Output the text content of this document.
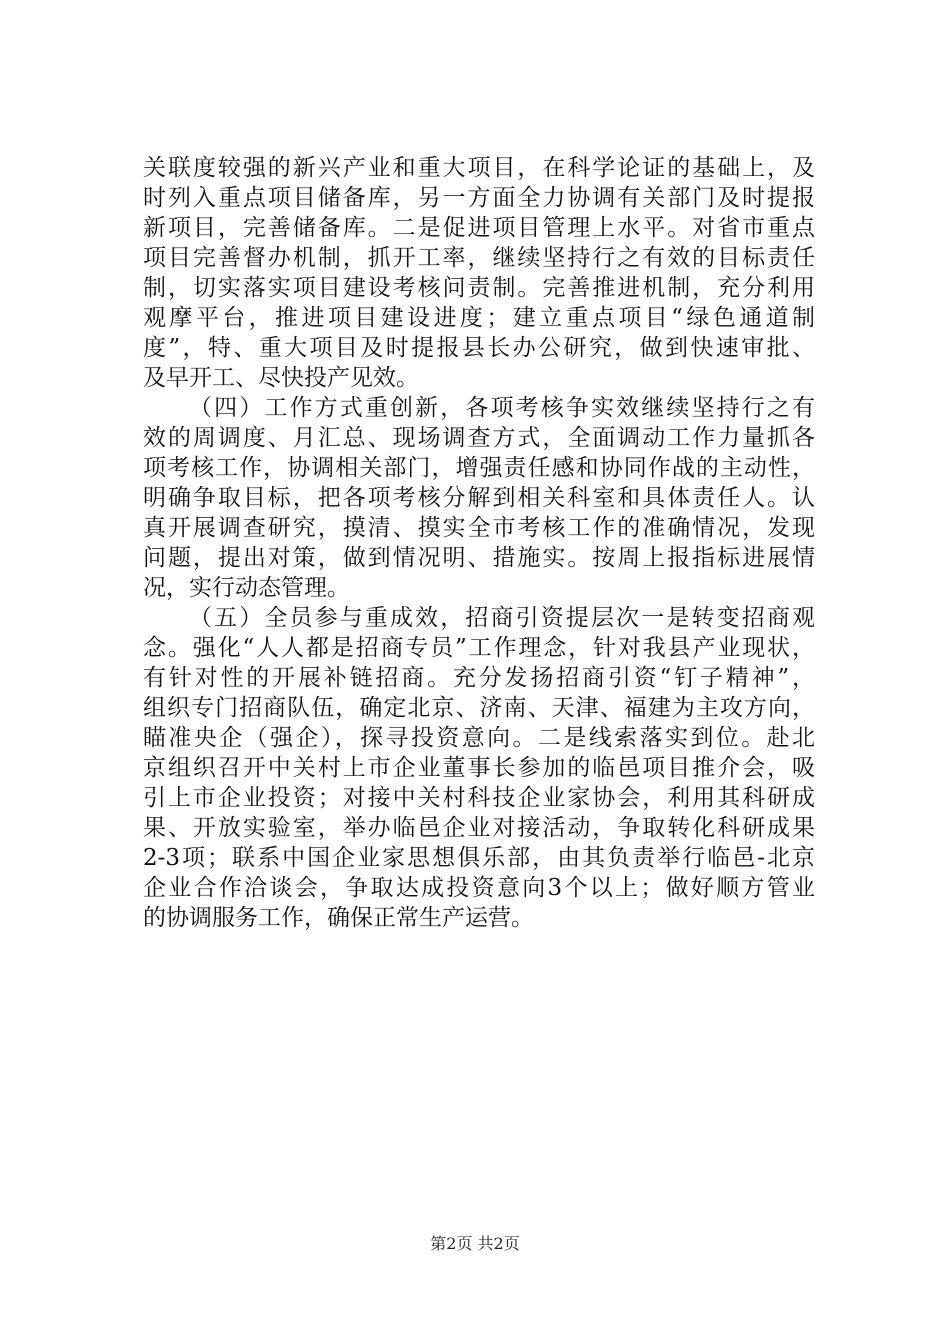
关联度较强的新兴产业和重大项目，在科学论证的基础上，及
时列入重点项目储备库，另一方面全力协调有关部门及时提报
新项目，完善储备库。二是促进项目管理上水平。对省市重点
项目完善督办机制，抓开工率，继续坚持行之有效的目标责任
制，切实落实项目建设考核问责制。完善推进机制，充分利用
观摩平台，推进项目建设进度；建立重点项目“绿色通道制
度”，特、重大项目及时提报县长办公研究，做到快速审批、
及早开工、尽快投产见效。
（四）工作方式重创新，各项考核争实效继续坚持行之有
效的周调度、月汇总、现场调查方式，全面调动工作力量抓各
项考核工作，协调相关部门，增强责任感和协同作战的主动性，
明确争取目标，把各项考核分解到相关科室和具体责任人。认
真开展调查研究，摸清、摸实全市考核工作的准确情况，发现
问题，提出对策，做到情况明、措施实。按周上报指标进展情
况，实行动态管理。
（五）全员参与重成效，招商引资提层次一是转变招商观
念。强化“人人都是招商专员”工作理念，针对我县产业现状，
有针对性的开展补链招商。充分发扬招商引资“钉子精神”，
组织专门招商队伍，确定北京、济南、天津、福建为主攻方向，
瞄准央企（强企），探寻投资意向。二是线索落实到位。赴北
京组织召开中关村上市企业董事长参加的临邑项目推介会，吸
引上市企业投资；对接中关村科技企业家协会，利用其科研成
果、开放实验室，举办临邑企业对接活动，争取转化科研成果
2-3项；联系中国企业家思想俱乐部，由其负责举行临邑-北京
企业合作洽谈会，争取达成投资意向3个以上；做好顺方管业
的协调服务工作，确保正常生产运营。
第2页 共2页
